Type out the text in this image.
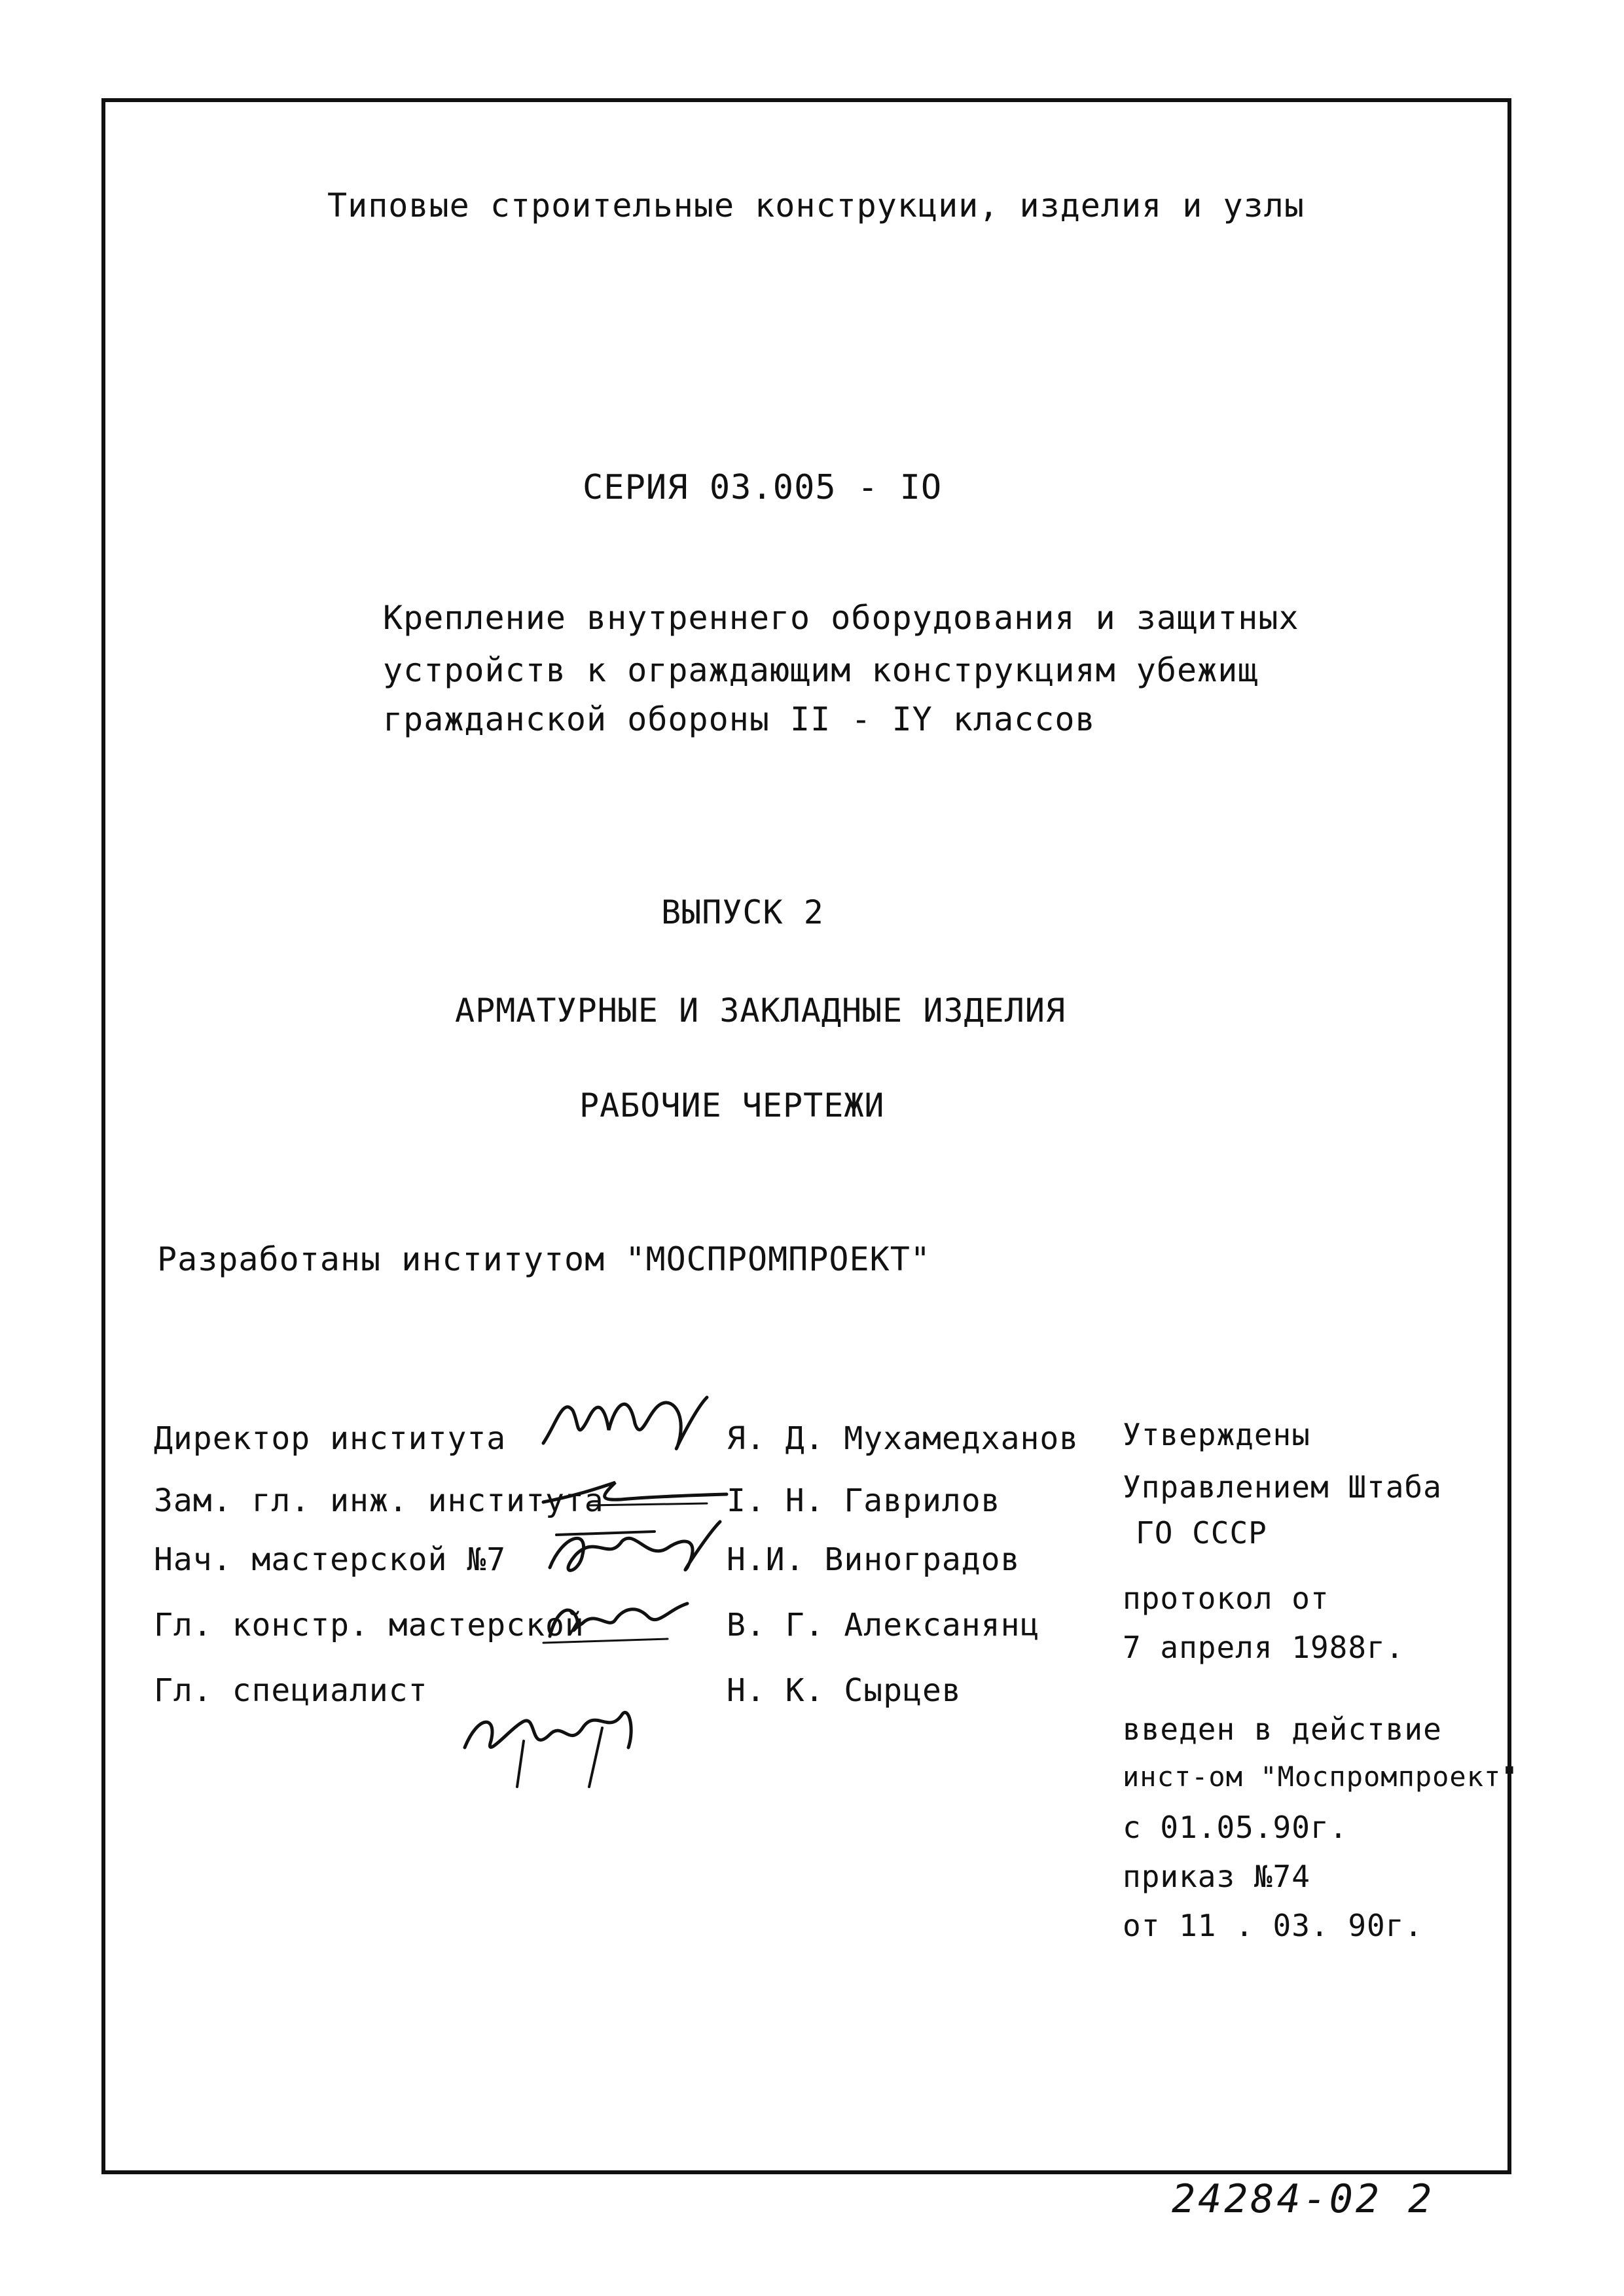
Типовые строительные конструкции, изделия и узлы
СЕРИЯ 03.005 - IO
Крепление внутреннего оборудования и защитных
устройств к ограждающим конструкциям убежищ
гражданской обороны II - IY классов
ВЫПУСК 2
АРМАТУРНЫЕ И ЗАКЛАДНЫЕ ИЗДЕЛИЯ
РАБОЧИЕ ЧЕРТЕЖИ
Разработаны институтом "МОСПРОМПРОЕКТ"
Директор института
Зам. гл. инж. института
Нач. мастерской №7
Гл. констр. мастерской
Гл. специалист
Я. Д. Мухамедханов
І. Н. Гаврилов
Н.И. Виноградов
В. Г. Алексанянц
Н. К. Сырцев
Утверждены
Управлением Штаба
ГО СССР
протокол от
7 апреля 1988г.
введен в действие
инст-ом "Моспромпроект"
с 01.05.90г.
приказ №74
от 11 . 03. 90г.
24284-02 2
